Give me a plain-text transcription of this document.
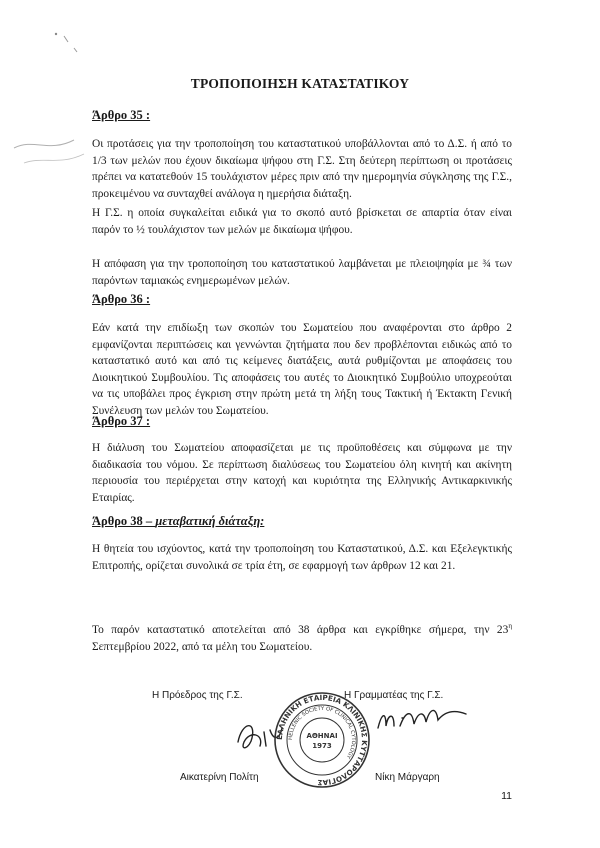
ΤΡΟΠΟΠΟΙΗΣΗ ΚΑΤΑΣΤΑΤΙΚΟΥ
Άρθρο 35 :
Οι προτάσεις για την τροποποίηση του καταστατικού υποβάλλονται από το Δ.Σ. ή από το 1/3 των μελών που έχουν δικαίωμα ψήφου στη Γ.Σ. Στη δεύτερη περίπτωση οι προτάσεις πρέπει να κατατεθούν 15 τουλάχιστον μέρες πριν από την ημερομηνία σύγκλησης της Γ.Σ., προκειμένου να συνταχθεί ανάλογα η ημερήσια διάταξη.
Η Γ.Σ. η οποία συγκαλείται ειδικά για το σκοπό αυτό βρίσκεται σε απαρτία όταν είναι παρόν το ½ τουλάχιστον των μελών με δικαίωμα ψήφου.
Η απόφαση για την τροποποίηση του καταστατικού λαμβάνεται με πλειοψηφία με ¾ των παρόντων ταμιακώς ενημερωμένων μελών.
Άρθρο 36 :
Εάν κατά την επιδίωξη των σκοπών του Σωματείου που αναφέρονται στο άρθρο 2 εμφανίζονται περιπτώσεις και γεννώνται ζητήματα που δεν προβλέπονται ειδικώς από το καταστατικό αυτό και από τις κείμενες διατάξεις, αυτά ρυθμίζονται με αποφάσεις του Διοικητικού Συμβουλίου. Τις αποφάσεις του αυτές το Διοικητικό Συμβούλιο υποχρεούται να τις υποβάλει προς έγκριση στην πρώτη μετά τη λήξη τους Τακτική ή Έκτακτη Γενική Συνέλευση των μελών του Σωματείου.
Άρθρο 37 :
Η διάλυση του Σωματείου αποφασίζεται με τις προϋποθέσεις και σύμφωνα με την διαδικασία του νόμου. Σε περίπτωση διαλύσεως του Σωματείου όλη κινητή και ακίνητη περιουσία του περιέρχεται στην κατοχή και κυριότητα της Ελληνικής Αντικαρκινικής Εταιρίας.
Άρθρο 38 – μεταβατική διάταξη:
Η θητεία του ισχύοντος, κατά την τροποποίηση του Καταστατικού, Δ.Σ. και Εξελεγκτικής Επιτροπής, ορίζεται συνολικά σε τρία έτη, σε εφαρμογή των άρθρων 12 και 21.
Το παρόν καταστατικό αποτελείται από 38 άρθρα και εγκρίθηκε σήμερα, την $23^\eta$ Σεπτεμβρίου 2022, από τα μέλη του Σωματείου.
Η Πρόεδρος της Γ.Σ.	Η Γραμματέας της Γ.Σ.
Αικατερίνη Πολίτη	Νίκη Μάργαρη
ΕΛΛΗΝΙΚΗ ΕΤΑΙΡΕΙΑ ΚΛΙΝΙΚΗΣ ΚΥΤΤΑΡΟΛΟΓΙΑΣ
HELLENIC SOCIETY OF CLINICAL CYTOLOGY
ΑΘΗΝΑΙ
1973
11
